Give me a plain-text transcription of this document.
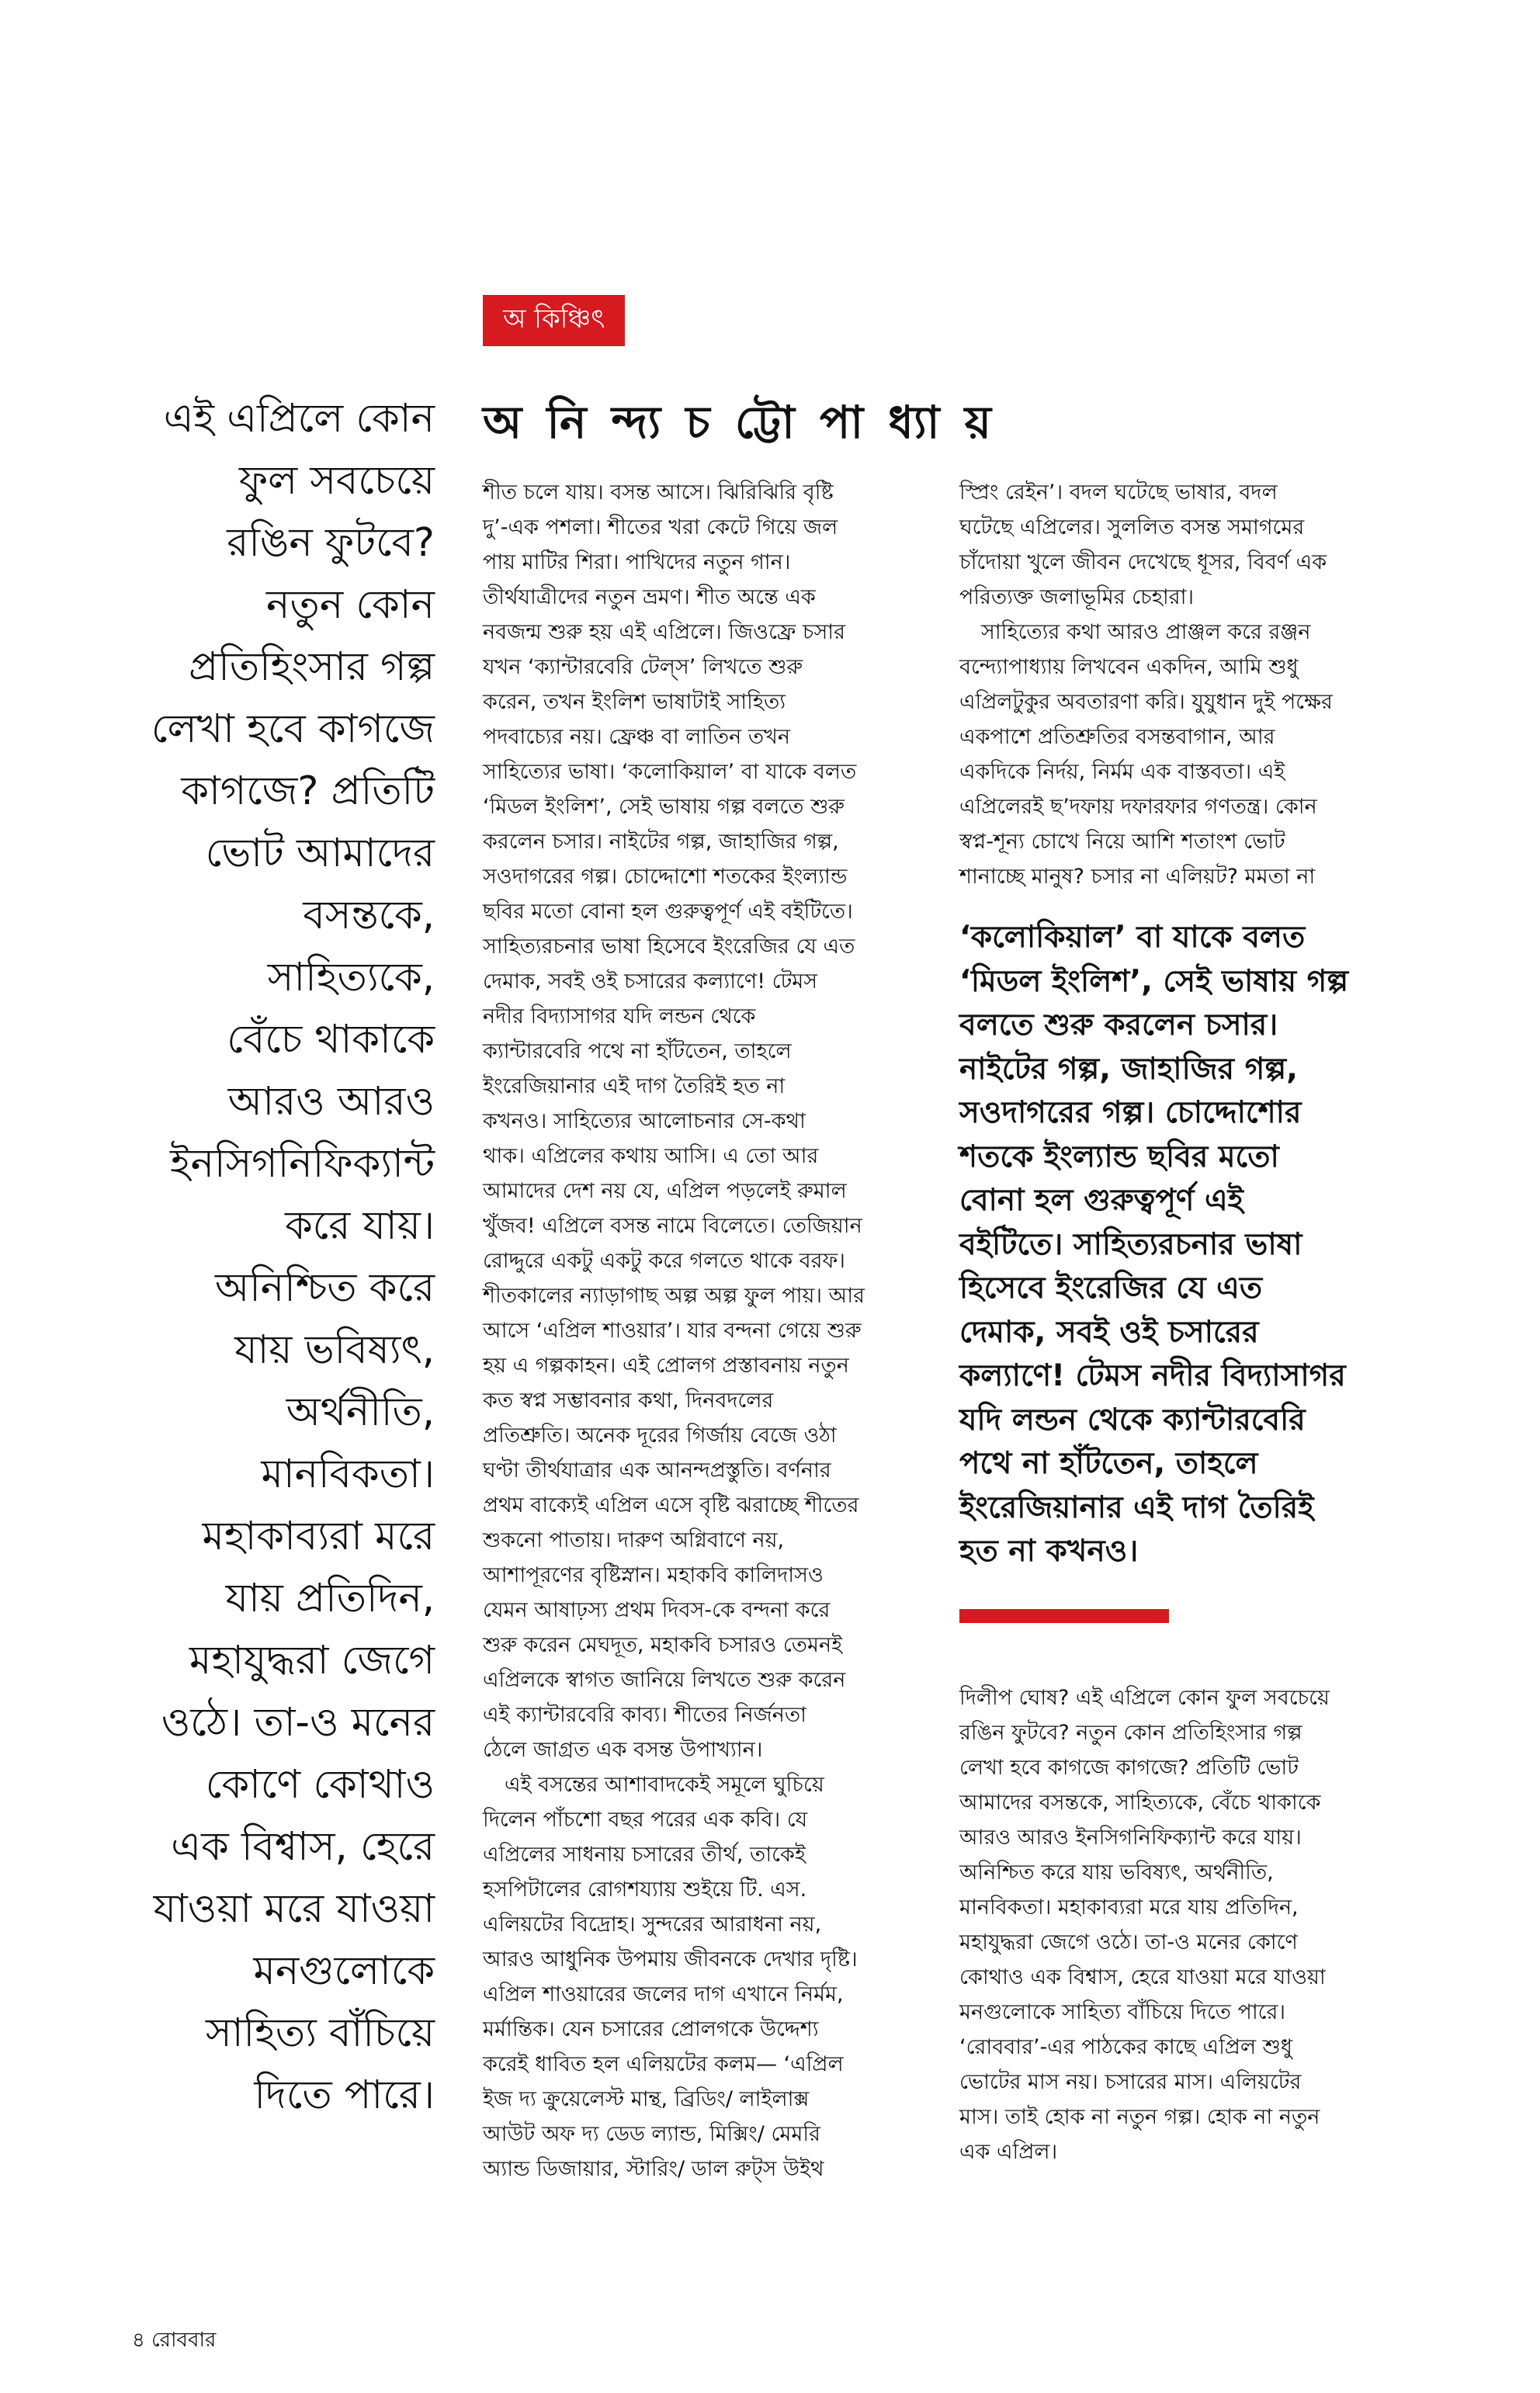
অ কিঞ্চিৎ
অ নি ন্দ্য চ ট্টো পা ধ্যা য়

এই এপ্রিলে কোন
ফুল সবচেয়ে
রঙিন ফুটবে?
নতুন কোন
প্রতিহিংসার গল্প
লেখা হবে কাগজে
কাগজে? প্রতিটি
ভোট আমাদের
বসন্তকে,
সাহিত্যকে,
বেঁচে থাকাকে
আরও আরও
ইনসিগনিফিক্যান্ট
করে যায়।
অনিশ্চিত করে
যায় ভবিষ্যৎ,
অর্থনীতি,
মানবিকতা।
মহাকাব্যরা মরে
যায় প্রতিদিন,
মহাযুদ্ধরা জেগে
ওঠে। তা-ও মনের
কোণে কোথাও
এক বিশ্বাস, হেরে
যাওয়া মরে যাওয়া
মনগুলোকে
সাহিত্য বাঁচিয়ে
দিতে পারে।

শীত চলে যায়। বসন্ত আসে। ঝিরিঝিরি বৃষ্টি
দু’-এক পশলা। শীতের খরা কেটে গিয়ে জল
পায় মাটির শিরা। পাখিদের নতুন গান।
তীর্থযাত্রীদের নতুন ভ্রমণ। শীত অন্তে এক
নবজন্ম শুরু হয় এই এপ্রিলে। জিওফ্রে চসার
যখন ‘ক্যান্টারবেরি টেল্‌স’ লিখতে শুরু
করেন, তখন ইংলিশ ভাষাটাই সাহিত্য
পদবাচ্যের নয়। ফ্রেঞ্চ বা লাতিন তখন
সাহিত্যের ভাষা। ‘কলোকিয়াল’ বা যাকে বলত
‘মিডল ইংলিশ’, সেই ভাষায় গল্প বলতে শুরু
করলেন চসার। নাইটের গল্প, জাহাজির গল্প,
সওদাগরের গল্প। চোদ্দোশো শতকের ইংল্যান্ড
ছবির মতো বোনা হল গুরুত্বপূর্ণ এই বইটিতে।
সাহিত্যরচনার ভাষা হিসেবে ইংরেজির যে এত
দেমাক, সবই ওই চসারের কল্যাণে! টেমস
নদীর বিদ্যাসাগর যদি লন্ডন থেকে
ক্যান্টারবেরি পথে না হাঁটতেন, তাহলে
ইংরেজিয়ানার এই দাগ তৈরিই হত না
কখনও। সাহিত্যের আলোচনার সে-কথা
থাক। এপ্রিলের কথায় আসি। এ তো আর
আমাদের দেশ নয় যে, এপ্রিল পড়লেই রুমাল
খুঁজব! এপ্রিলে বসন্ত নামে বিলেতে। তেজিয়ান
রোদ্দুরে একটু একটু করে গলতে থাকে বরফ।
শীতকালের ন্যাড়াগাছ অল্প অল্প ফুল পায়। আর
আসে ‘এপ্রিল শাওয়ার’। যার বন্দনা গেয়ে শুরু
হয় এ গল্পকাহন। এই প্রোলগ প্রস্তাবনায় নতুন
কত স্বপ্ন সম্ভাবনার কথা, দিনবদলের
প্রতিশ্রুতি। অনেক দূরের গির্জায় বেজে ওঠা
ঘণ্টা তীর্থযাত্রার এক আনন্দপ্রস্তুতি। বর্ণনার
প্রথম বাক্যেই এপ্রিল এসে বৃষ্টি ঝরাচ্ছে শীতের
শুকনো পাতায়। দারুণ অগ্নিবাণে নয়,
আশাপূরণের বৃষ্টিস্নান। মহাকবি কালিদাসও
যেমন আষাঢ়স্য প্রথম দিবস-কে বন্দনা করে
শুরু করেন মেঘদূত, মহাকবি চসারও তেমনই
এপ্রিলকে স্বাগত জানিয়ে লিখতে শুরু করেন
এই ক্যান্টারবেরি কাব্য। শীতের নির্জনতা
ঠেলে জাগ্রত এক বসন্ত উপাখ্যান।
এই বসন্তের আশাবাদকেই সমূলে ঘুচিয়ে
দিলেন পাঁচশো বছর পরের এক কবি। যে
এপ্রিলের সাধনায় চসারের তীর্থ, তাকেই
হসপিটালের রোগশয্যায় শুইয়ে টি. এস.
এলিয়টের বিদ্রোহ। সুন্দরের আরাধনা নয়,
আরও আধুনিক উপমায় জীবনকে দেখার দৃষ্টি।
এপ্রিল শাওয়ারের জলের দাগ এখানে নির্মম,
মর্মান্তিক। যেন চসারের প্রোলগকে উদ্দেশ্য
করেই ধাবিত হল এলিয়টের কলম— ‘এপ্রিল
ইজ দ্য ক্রুয়েলেস্ট মান্থ, ব্রিডিং/ লাইলাক্স
আউট অফ দ্য ডেড ল্যান্ড, মিক্সিং/ মেমরি
অ্যান্ড ডিজায়ার, স্টারিং/ ডাল রুট্‌স উইথ
স্প্রিং রেইন’। বদল ঘটেছে ভাষার, বদল
ঘটেছে এপ্রিলের। সুললিত বসন্ত সমাগমের
চাঁদোয়া খুলে জীবন দেখেছে ধূসর, বিবর্ণ এক
পরিত্যক্ত জলাভূমির চেহারা।
সাহিত্যের কথা আরও প্রাঞ্জল করে রঞ্জন
বন্দ্যোপাধ্যায় লিখবেন একদিন, আমি শুধু
এপ্রিলটুকুর অবতারণা করি। যুযুধান দুই পক্ষের
একপাশে প্রতিশ্রুতির বসন্তবাগান, আর
একদিকে নির্দয়, নির্মম এক বাস্তবতা। এই
এপ্রিলেরই ছ’দফায় দফারফার গণতন্ত্র। কোন
স্বপ্ন-শূন্য চোখে নিয়ে আশি শতাংশ ভোট
শানাচ্ছে মানুষ? চসার না এলিয়ট? মমতা না

‘কলোকিয়াল’ বা যাকে বলত
‘মিডল ইংলিশ’, সেই ভাষায় গল্প
বলতে শুরু করলেন চসার।
নাইটের গল্প, জাহাজির গল্প,
সওদাগরের গল্প। চোদ্দোশোর
শতকে ইংল্যান্ড ছবির মতো
বোনা হল গুরুত্বপূর্ণ এই
বইটিতে। সাহিত্যরচনার ভাষা
হিসেবে ইংরেজির যে এত
দেমাক, সবই ওই চসারের
কল্যাণে! টেমস নদীর বিদ্যাসাগর
যদি লন্ডন থেকে ক্যান্টারবেরি
পথে না হাঁটতেন, তাহলে
ইংরেজিয়ানার এই দাগ তৈরিই
হত না কখনও।

দিলীপ ঘোষ? এই এপ্রিলে কোন ফুল সবচেয়ে
রঙিন ফুটবে? নতুন কোন প্রতিহিংসার গল্প
লেখা হবে কাগজে কাগজে? প্রতিটি ভোট
আমাদের বসন্তকে, সাহিত্যকে, বেঁচে থাকাকে
আরও আরও ইনসিগনিফিক্যান্ট করে যায়।
অনিশ্চিত করে যায় ভবিষ্যৎ, অর্থনীতি,
মানবিকতা। মহাকাব্যরা মরে যায় প্রতিদিন,
মহাযুদ্ধরা জেগে ওঠে। তা-ও মনের কোণে
কোথাও এক বিশ্বাস, হেরে যাওয়া মরে যাওয়া
মনগুলোকে সাহিত্য বাঁচিয়ে দিতে পারে।
‘রোববার’-এর পাঠকের কাছে এপ্রিল শুধু
ভোটের মাস নয়। চসারের মাস। এলিয়টের
মাস। তাই হোক না নতুন গল্প। হোক না নতুন
এক এপ্রিল।
৪ রোববার
